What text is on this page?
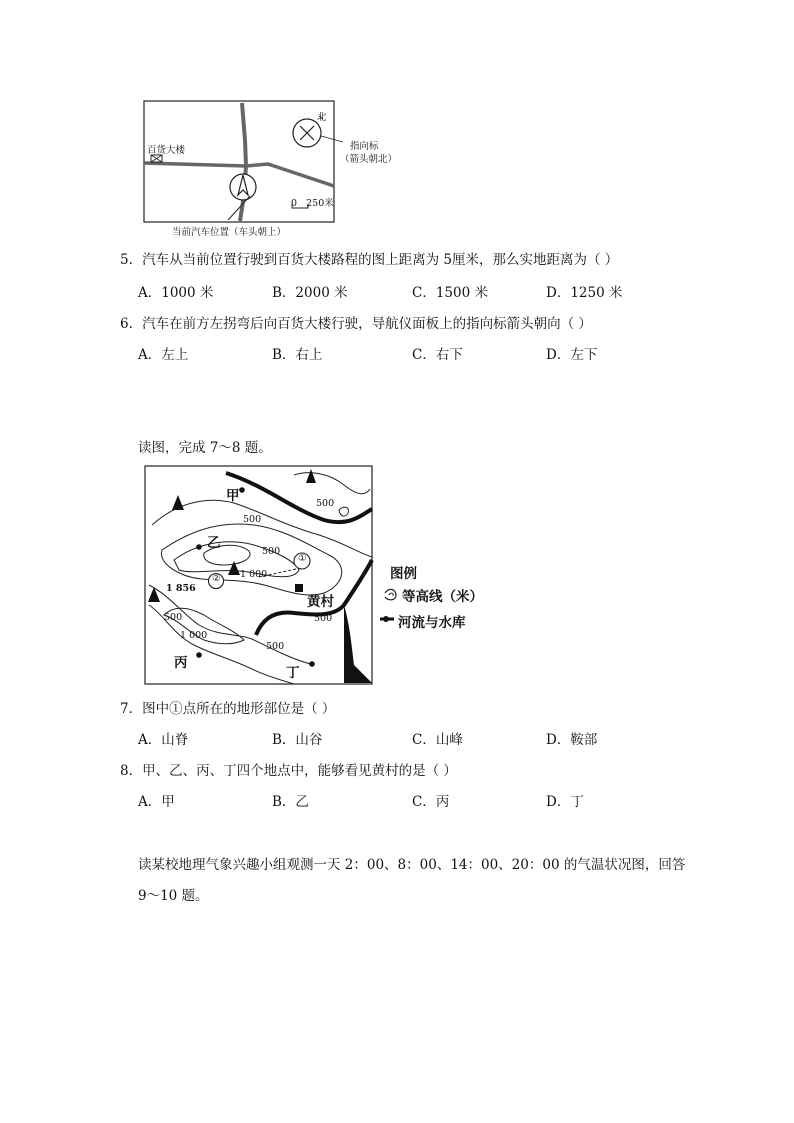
北
指向标
（箭头朝北）
百货大楼
0   250米
当前汽车位置（车头朝上）
5．汽车从当前位置行驶到百货大楼路程的图上距离为 5厘米，那么实地距离为（ ）
A．1000 米	B．2000 米	C．1500 米	D．1250 米
6．汽车在前方左拐弯后向百货大楼行驶，导航仪面板上的指向标箭头朝向（ ）
A．左上	B．右上	C．右下	D．左下
读图，完成 7～8 题。
甲
乙
丙
丁
500
500
500
1 000
1 856
500
1 000
500
500
①
②
黄村
图例
等高线（米）
河流与水库
7．图中①点所在的地形部位是（ ）
A．山脊	B．山谷	C．山峰	D．鞍部
8．甲、乙、丙、丁四个地点中，能够看见黄村的是（ ）
A．甲	B．乙	C．丙	D．丁
读某校地理气象兴趣小组观测一天 2：00、8：00、14：00、20：00 的气温状况图，回答
9～10 题。
